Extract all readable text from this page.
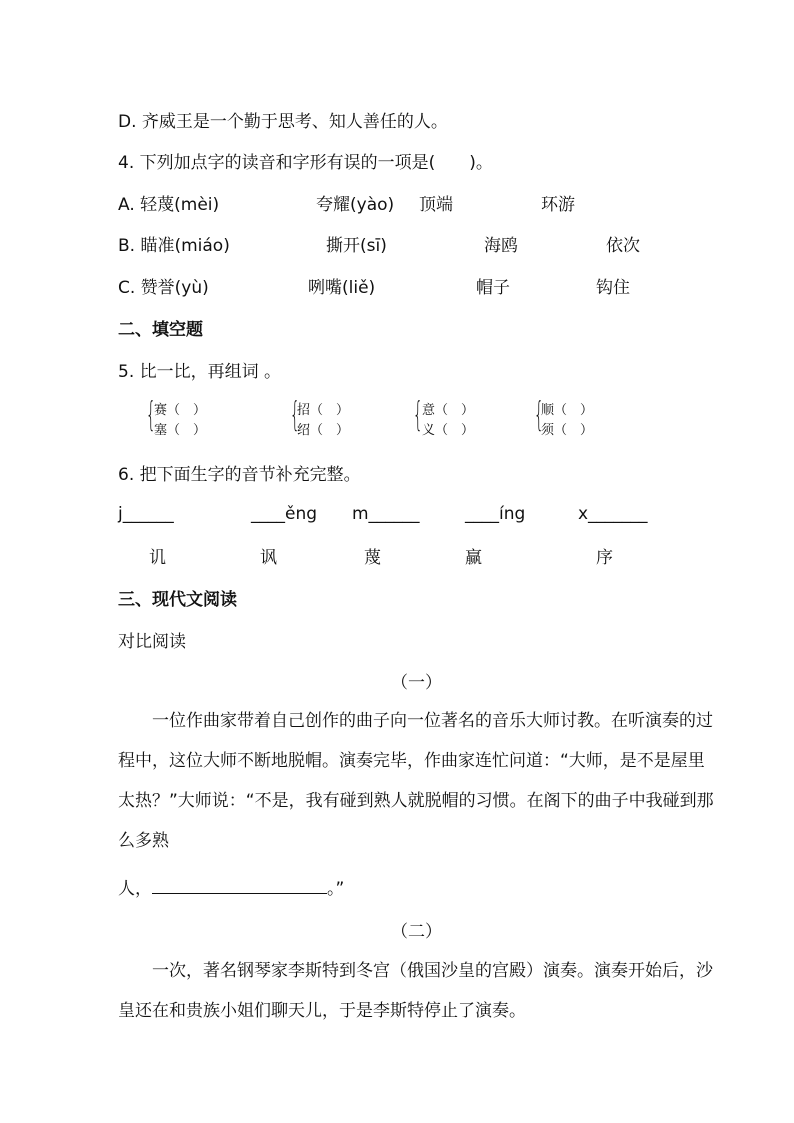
D. 齐威王是一个勤于思考、知人善任的人。
4. 下列加点字的读音和字形有误的一项是(　　)。
A. 轻蔑(mèi)	夸耀(yào) 顶端	环游
B. 瞄准(miáo)	撕开(sī)	海鸥	依次
C. 赞誉(yù)	咧嘴(liě)	帽子	钩住
二、填空题
5. 比一比，再组词 。
{
赛（　）
塞（　） {
招（　）
绍（　） { 意（　）
义（　） {
顺（　）
须（　）
6. 把下面生字的音节补充完整。
j______	____ěng m______	____íng	x_______
讥	讽	蔑	赢	序
三、现代文阅读
对比阅读
（一）
一位作曲家带着自己创作的曲子向一位著名的音乐大师讨教。在听演奏的过程中，这位大师不断地脱帽。演奏完毕，作曲家连忙问道：“大师，是不是屋里太热？”大师说：“不是，我有碰到熟人就脱帽的习惯。在阁下的曲子中我碰到那么多熟
人，	。”
（二）
一次，著名钢琴家李斯特到冬宫（俄国沙皇的宫殿）演奏。演奏开始后，沙皇还在和贵族小姐们聊天儿，于是李斯特停止了演奏。
